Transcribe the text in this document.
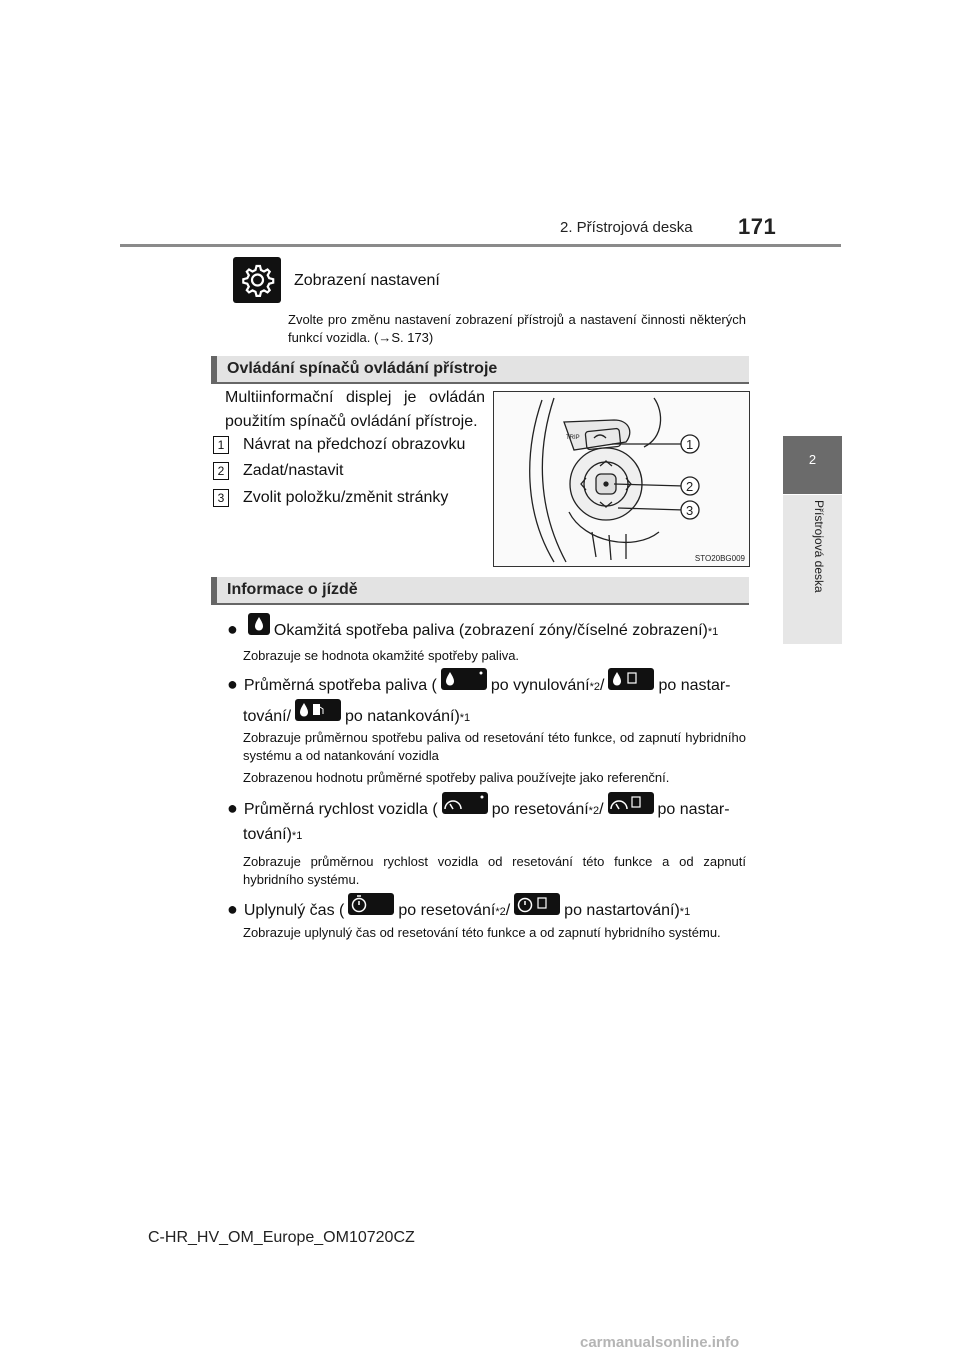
2. Přístrojová deska 171
2
Přístrojová deska
Zobrazení nastavení
Zvolte pro změnu nastavení zobrazení přístrojů a nastavení činnosti některých funkcí vozidla. (→S. 173)
Ovládání spínačů ovládání přístroje
Multiinformační displej je ovládán použitím spínačů ovládání přístroje.
1 Návrat na předchozí obrazovku
2 Zadat/nastavit
3 Zvolit položku/změnit stránky
TRIP	1
2
3
STO20BG009
Informace o jízdě
● Okamžitá spotřeba paliva (zobrazení zóny/číselné zobrazení) *1
Zobrazuje se hodnota okamžité spotřeby paliva.
● Průměrná spotřeba paliva (	po vynulování *2 /	po nastar-
tování/	po natankování) *1
Zobrazuje průměrnou spotřebu paliva od resetování této funkce, od zapnutí hybridního systému a od natankování vozidla
Zobrazenou hodnotu průměrné spotřeby paliva používejte jako referenční.
● Průměrná rychlost vozidla (	po resetování *2 /	po nastar-
tování) *1
Zobrazuje průměrnou rychlost vozidla od resetování této funkce a od zapnutí hybridního systému.
● Uplynulý čas (	po resetování *2 /	po nastartování) *1
Zobrazuje uplynulý čas od resetování této funkce a od zapnutí hybridního systému.
C-HR_HV_OM_Europe_OM10720CZ
carmanualsonline.info
